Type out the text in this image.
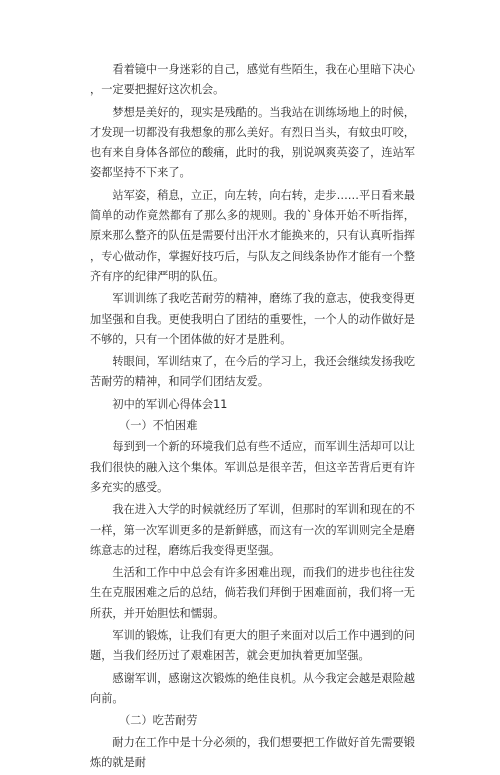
看着镜中一身迷彩的自己，感觉有些陌生，我在心里暗下决心，一定要把握好这次机会。

梦想是美好的，现实是残酷的。当我站在训练场地上的时候，才发现一切都没有我想象的那么美好。有烈日当头，有蚊虫叮咬，也有来自身体各部位的酸痛，此时的我，别说飒爽英姿了，连站军姿都坚持不下来了。

站军姿，稍息，立正，向左转，向右转，走步……平日看来最简单的动作竟然都有了那么多的规则。我的`身体开始不听指挥，原来那么整齐的队伍是需要付出汗水才能换来的，只有认真听指挥，专心做动作，掌握好技巧后，与队友之间线条协作才能有一个整齐有序的纪律严明的队伍。

军训训练了我吃苦耐劳的精神，磨练了我的意志，使我变得更加坚强和自我。更使我明白了团结的重要性，一个人的动作做好是不够的，只有一个团体做的好才是胜利。

转眼间，军训结束了，在今后的学习上，我还会继续发扬我吃苦耐劳的精神，和同学们团结友爱。

初中的军训心得体会11

（一）不怕困难

每到到一个新的环境我们总有些不适应，而军训生活却可以让我们很快的融入这个集体。军训总是很辛苦，但这辛苦背后更有许多充实的感受。

我在进入大学的时候就经历了军训，但那时的军训和现在的不一样，第一次军训更多的是新鲜感，而这有一次的军训则完全是磨练意志的过程，磨练后我变得更坚强。

生活和工作中中总会有许多困难出现，而我们的进步也往往发生在克服困难之后的总结，倘若我们拜倒于困难面前，我们将一无所获，并开始胆怯和懦弱。

军训的锻炼，让我们有更大的胆子来面对以后工作中遇到的问题，当我们经历过了艰难困苦，就会更加执着更加坚强。

感谢军训，感谢这次锻炼的绝佳良机。从今我定会越是艰险越向前。

（二）吃苦耐劳

耐力在工作中是十分必须的，我们想要把工作做好首先需要锻炼的就是耐
